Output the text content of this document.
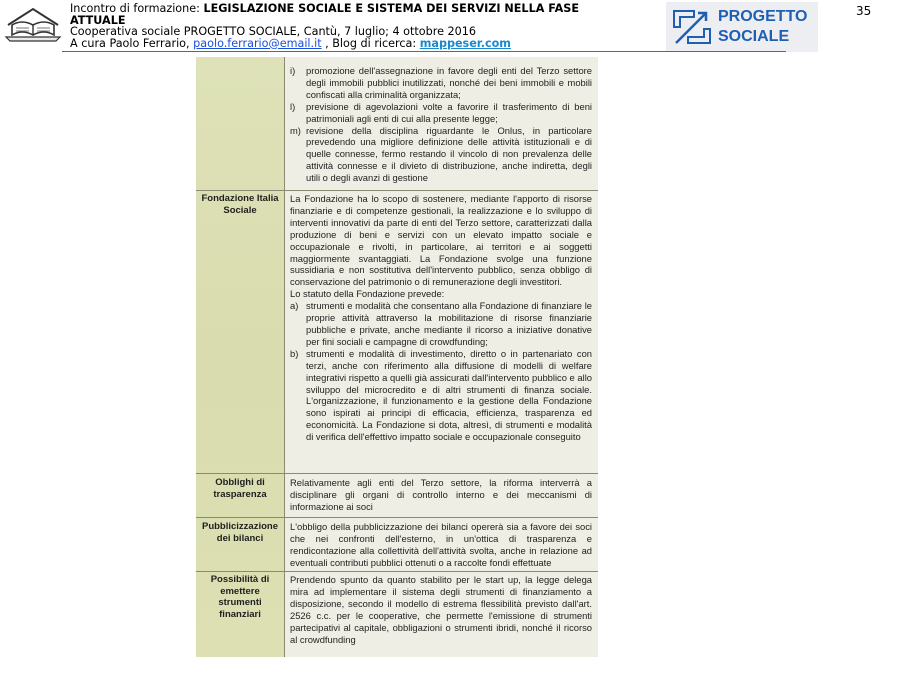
Incontro di formazione: LEGISLAZIONE SOCIALE E SISTEMA DEI SERVIZI NELLA FASE
ATTUALE
Cooperativa sociale PROGETTO SOCIALE, Cantù, 7 luglio; 4 ottobre 2016
A cura Paolo Ferrario, paolo.ferrario@email.it , Blog di ricerca: mappeser.com
PROGETTO
SOCIALE
35
i)	promozione dell'assegnazione in favore degli enti del Terzo settore degli immobili pubblici inutilizzati, nonché dei beni immobili e mobili confiscati alla criminalità organizzata;
l)	previsione di agevolazioni volte a favorire il trasferimento di beni patrimoniali agli enti di cui alla presente legge;
m) revisione della disciplina riguardante le Onlus, in particolare prevedendo una migliore definizione delle attività istituzionali e di quelle connesse, fermo restando il vincolo di non prevalenza delle attività connesse e il divieto di distribuzione, anche indiretta, degli utili o degli avanzi di gestione
Fondazione Italia Sociale

La Fondazione ha lo scopo di sostenere, mediante l'apporto di risorse finanziarie e di competenze gestionali, la realizzazione e lo sviluppo di interventi innovativi da parte di enti del Terzo settore, caratterizzati dalla produzione di beni e servizi con un elevato impatto sociale e occupazionale e rivolti, in particolare, ai territori e ai soggetti maggiormente svantaggiati. La Fondazione svolge una funzione sussidiaria e non sostitutiva dell'intervento pubblico, senza obbligo di conservazione del patrimonio o di remunerazione degli investitori.

Lo statuto della Fondazione prevede:

a) strumenti e modalità che consentano alla Fondazione di finanziare le proprie attività attraverso la mobilitazione di risorse finanziarie pubbliche e private, anche mediante il ricorso a iniziative donative per fini sociali e campagne di crowdfunding;
b) strumenti e modalità di investimento, diretto o in partenariato con terzi, anche con riferimento alla diffusione di modelli di welfare integrativi rispetto a quelli già assicurati dall'intervento pubblico e allo sviluppo del microcredito e di altri strumenti di finanza sociale. L'organizzazione, il funzionamento e la gestione della Fondazione sono ispirati ai principi di efficacia, efficienza, trasparenza ed economicità. La Fondazione si dota, altresì, di strumenti e modalità di verifica dell'effettivo impatto sociale e occupazionale conseguito
Obblighi di trasparenza
Relativamente agli enti del Terzo settore, la riforma interverrà a disciplinare gli organi di controllo interno e dei meccanismi di informazione ai soci
Pubblicizzazione dei bilanci
L'obbligo della pubblicizzazione dei bilanci opererà sia a favore dei soci che nei confronti dell'esterno, in un'ottica di trasparenza e rendicontazione alla collettività dell'attività svolta, anche in relazione ad eventuali contributi pubblici ottenuti o a raccolte fondi effettuate
Possibilità di emettere strumenti finanziari
Prendendo spunto da quanto stabilito per le start up, la legge delega mira ad implementare il sistema degli strumenti di finanziamento a disposizione, secondo il modello di estrema flessibilità previsto dall'art. 2526 c.c. per le cooperative, che permette l'emissione di strumenti partecipativi al capitale, obbligazioni o strumenti ibridi, nonché il ricorso al crowdfunding
